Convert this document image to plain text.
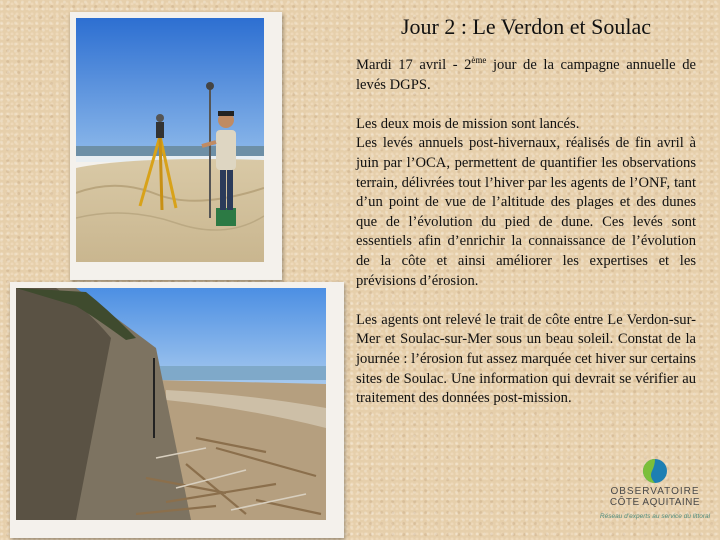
Jour 2 : Le Verdon et Soulac

Mardi 17 avril - 2ème jour de la campagne annuelle de levés DGPS.

Les deux mois de mission sont lancés.

Les levés annuels post-hivernaux, réalisés de fin avril à juin par l’OCA, permettent de quantifier les observations terrain, délivrées tout l’hiver par les agents de l’ONF, tant d’un point de vue de l’altitude des plages et des dunes que de l’évolution du pied de dune. Ces levés sont essentiels afin d’enrichir la connaissance de l’évolution de la côte et ainsi améliorer les expertises et les prévisions d’érosion.

Les agents ont relevé le trait de côte entre Le Verdon-sur-Mer et Soulac-sur-Mer sous un beau soleil. Constat de la journée : l’érosion fut assez marquée cet hiver sur certains sites de Soulac. Une information qui devrait se vérifier au traitement des données post-mission.

OBSERVATOIRE
CÔTE AQUITAINE
Réseau d’experts au service du littoral
